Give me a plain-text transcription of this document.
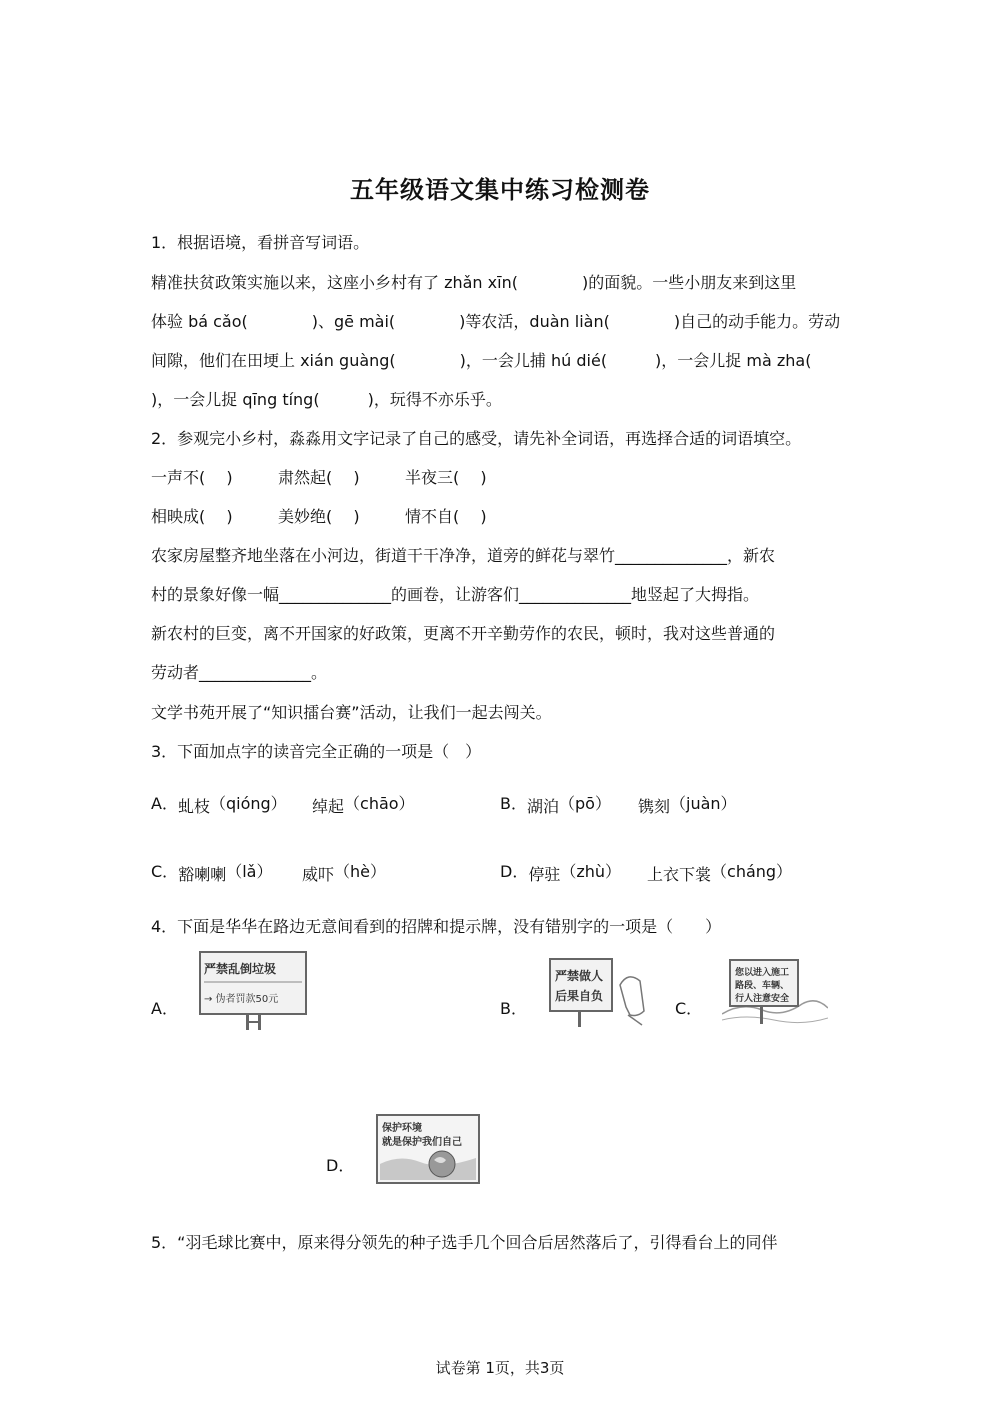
五年级语文集中练习检测卷
1．根据语境，看拼音写词语。
精准扶贫政策实施以来，这座小乡村有了 zhǎn xīn(　　　　)的面貌。一些小朋友来到这里
体验 bá cǎo(　　　　)、gē mài(　　　　)等农活，duàn liàn(　　　　)自己的动手能力。劳动
间隙，他们在田埂上 xián guàng(　　　　)，一会儿捕 hú dié(　　　)，一会儿捉 mà zha(
)，一会儿捉 qīng tíng(　　　)，玩得不亦乐乎。
2．参观完小乡村，淼淼用文字记录了自己的感受，请先补全词语，再选择合适的词语填空。
一声不(　 )	肃然起(　 )	半夜三(　 )
相映成(　 )	美妙绝(　 )	情不自(　 )
农家房屋整齐地坐落在小河边，街道干干净净，道旁的鲜花与翠竹______________，新农
村的景象好像一幅______________的画卷，让游客们______________地竖起了大拇指。
新农村的巨变，离不开国家的好政策，更离不开辛勤劳作的农民，顿时，我对这些普通的
劳动者______________。
文学书苑开展了“知识擂台赛”活动，让我们一起去闯关。
3．下面加点字的读音完全正确的一项是（　）
A．虬枝（qióng） 绰起（chāo）	B．湖泊（pō） 镌刻（juàn）
C．豁喇喇（lǎ） 威吓（hè）	D．停驻（zhù） 上衣下裳（cháng）
4．下面是华华在路边无意间看到的招牌和提示牌，没有错别字的一项是（　　）
A．
严禁乱倒垃圾
→ 伪者罚款50元	B．
严禁做人
后果自负
C．
您以进入施工
路段、车辆、
行人注意安全
D．
保护环境
就是保护我们自己
5．“羽毛球比赛中，原来得分领先的种子选手几个回合后居然落后了，引得看台上的同伴
试卷第 1页，共3页
